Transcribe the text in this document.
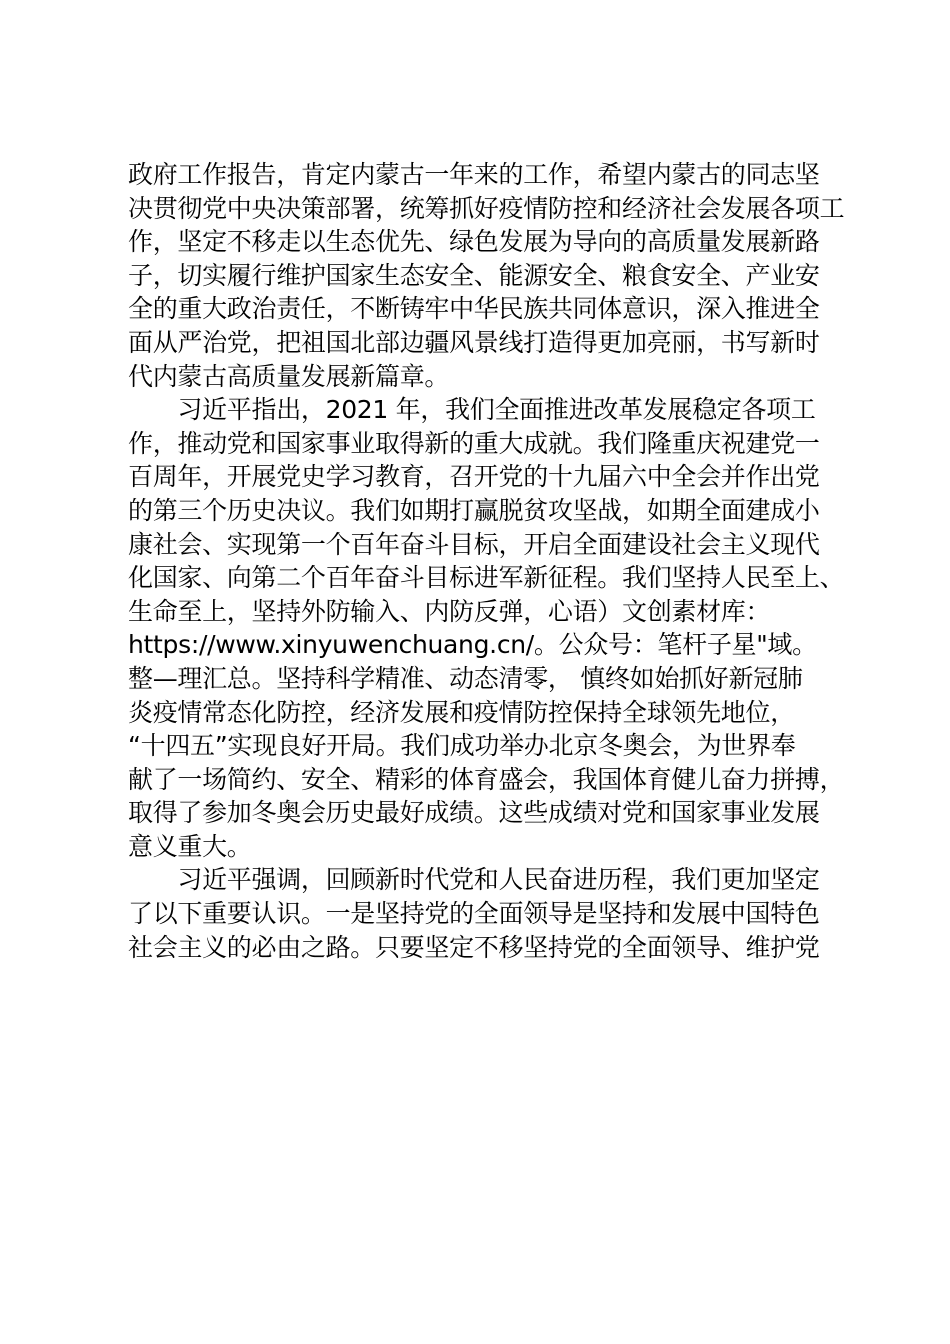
政府工作报告，肯定内蒙古一年来的工作，希望内蒙古的同志坚
决贯彻党中央决策部署，统筹抓好疫情防控和经济社会发展各项工
作，坚定不移走以生态优先、绿色发展为导向的高质量发展新路
子，切实履行维护国家生态安全、能源安全、粮食安全、产业安
全的重大政治责任，不断铸牢中华民族共同体意识，深入推进全
面从严治党，把祖国北部边疆风景线打造得更加亮丽，书写新时
代内蒙古高质量发展新篇章。
　　习近平指出，2021 年，我们全面推进改革发展稳定各项工
作，推动党和国家事业取得新的重大成就。我们隆重庆祝建党一
百周年，开展党史学习教育，召开党的十九届六中全会并作出党
的第三个历史决议。我们如期打赢脱贫攻坚战，如期全面建成小
康社会、实现第一个百年奋斗目标，开启全面建设社会主义现代
化国家、向第二个百年奋斗目标进军新征程。我们坚持人民至上、
生命至上，坚持外防输入、内防反弹，心语）文创素材库：
https://www.xinyuwenchuang.cn/。公众号：笔杆子星"域。
整—理汇总。坚持科学精准、动态清零， 慎终如始抓好新冠肺
炎疫情常态化防控，经济发展和疫情防控保持全球领先地位，
“十四五”实现良好开局。我们成功举办北京冬奥会，为世界奉
献了一场简约、安全、精彩的体育盛会，我国体育健儿奋力拼搏，
取得了参加冬奥会历史最好成绩。这些成绩对党和国家事业发展
意义重大。
　　习近平强调，回顾新时代党和人民奋进历程，我们更加坚定
了以下重要认识。一是坚持党的全面领导是坚持和发展中国特色
社会主义的必由之路。只要坚定不移坚持党的全面领导、维护党
